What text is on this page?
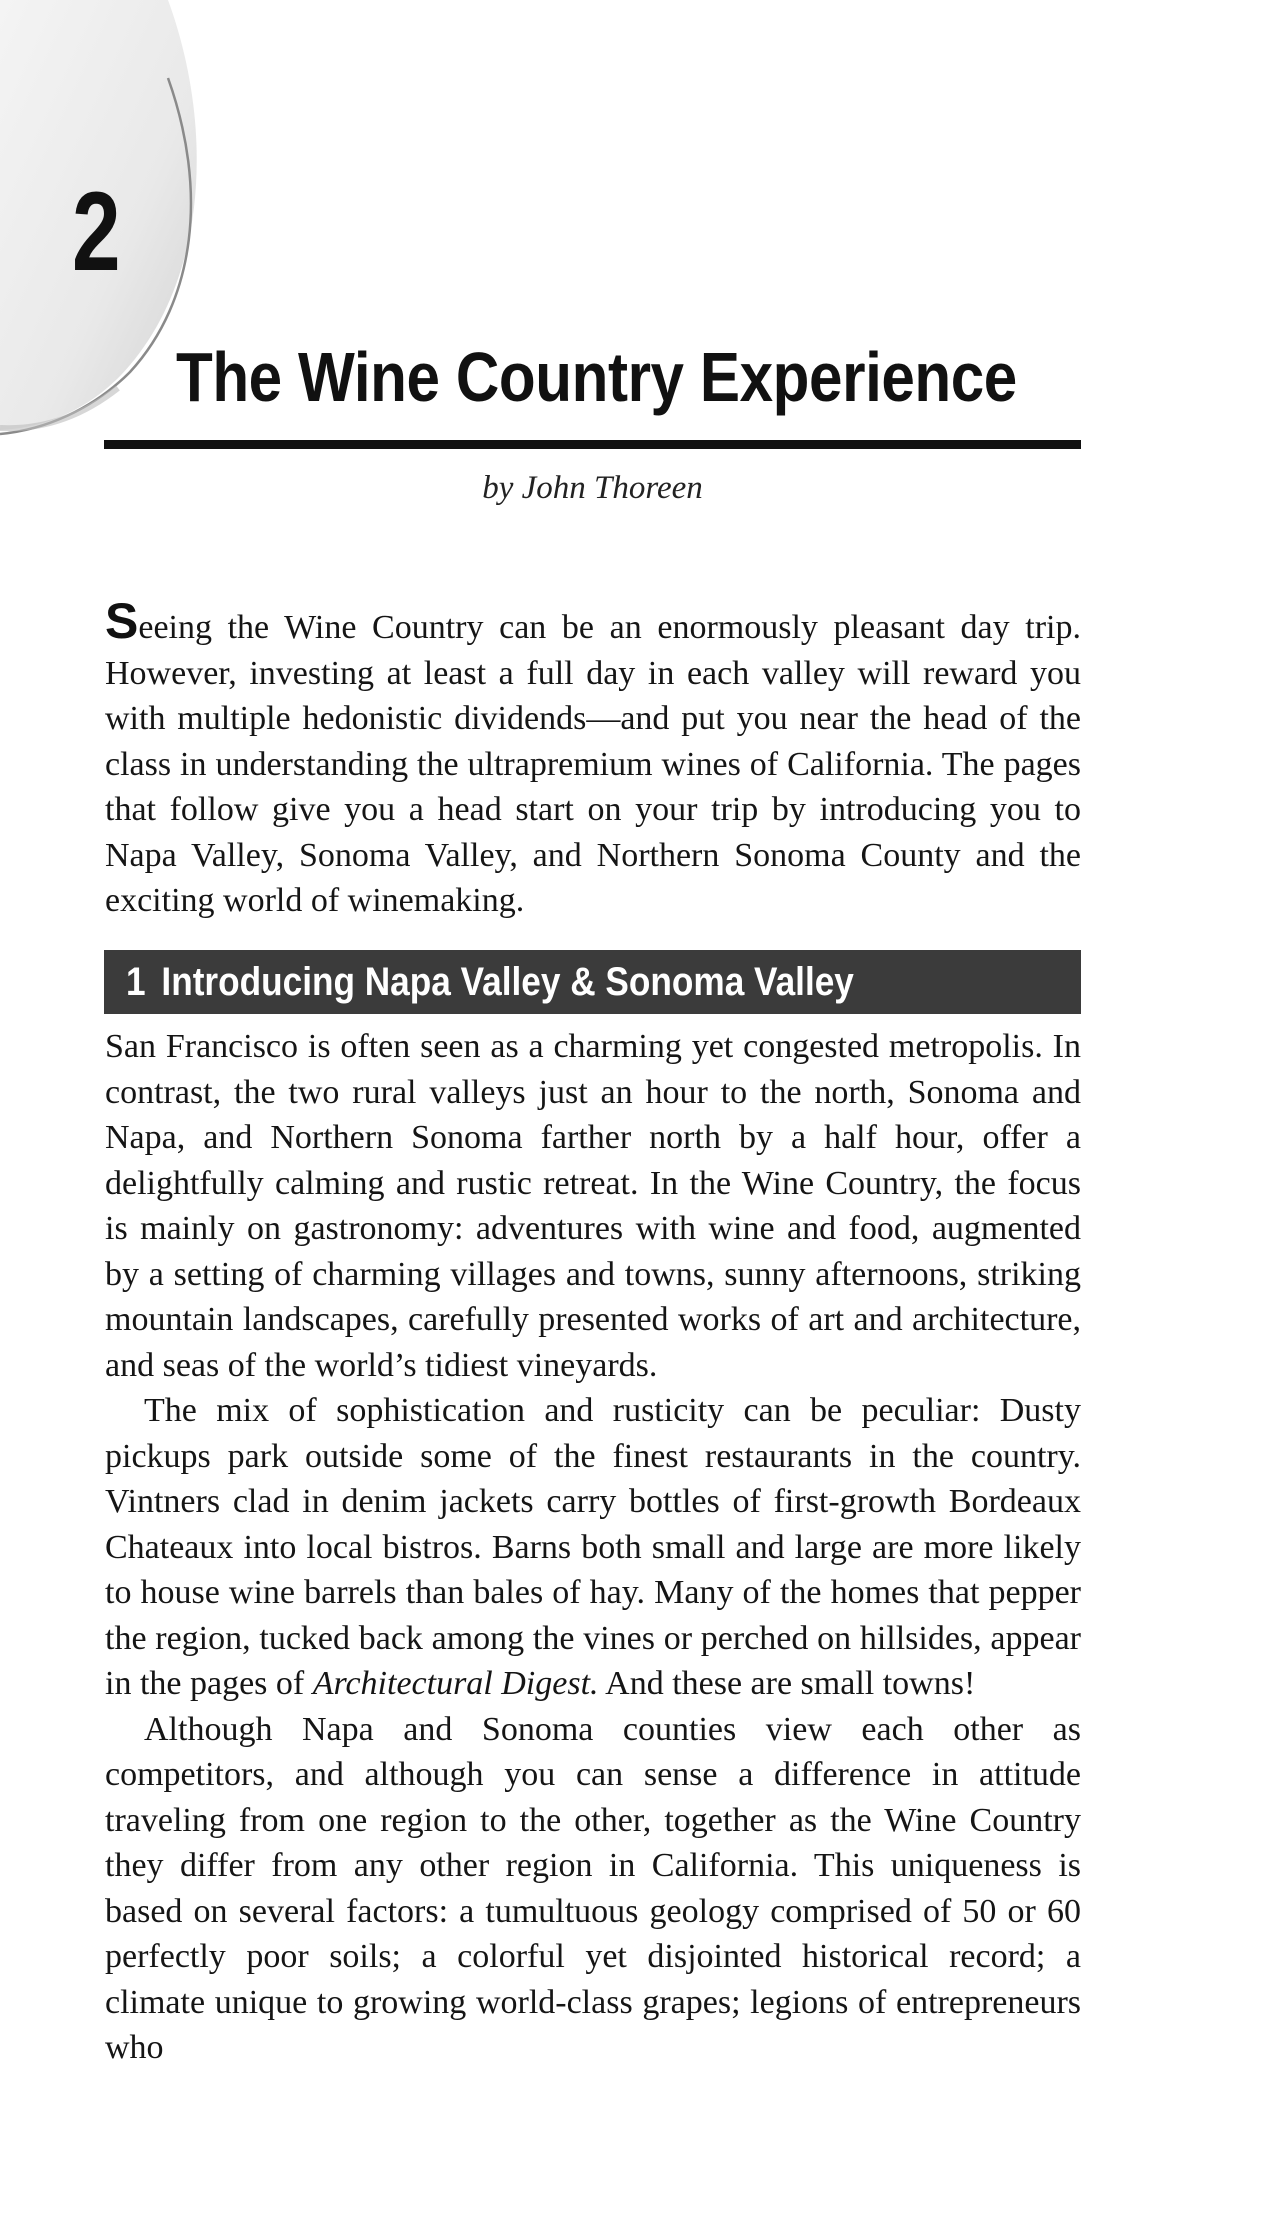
2
The Wine Country Experience
by John Thoreen

Seeing the Wine Country can be an enormously pleasant day trip. However, investing at least a full day in each valley will reward you with multiple hedonistic dividends—and put you near the head of the class in understanding the ultrapremium wines of California. The pages that follow give you a head start on your trip by introducing you to Napa Valley, Sonoma Valley, and Northern Sonoma County and the exciting world of winemaking.

1 Introducing Napa Valley & Sonoma Valley

San Francisco is often seen as a charming yet congested metropolis. In contrast, the two rural valleys just an hour to the north, Sonoma and Napa, and Northern Sonoma farther north by a half hour, offer a delightfully calming and rustic retreat. In the Wine Country, the focus is mainly on gastronomy: adventures with wine and food, augmented by a setting of charming villages and towns, sunny afternoons, striking mountain landscapes, carefully presented works of art and architecture, and seas of the world’s tidiest vineyards.

The mix of sophistication and rusticity can be peculiar: Dusty pickups park outside some of the finest restaurants in the country. Vintners clad in denim jackets carry bottles of first-growth Bordeaux Chateaux into local bistros. Barns both small and large are more likely to house wine barrels than bales of hay. Many of the homes that pepper the region, tucked back among the vines or perched on hillsides, appear in the pages of Architectural Digest. And these are small towns!

Although Napa and Sonoma counties view each other as competitors, and although you can sense a difference in attitude traveling from one region to the other, together as the Wine Country they differ from any other region in California. This uniqueness is based on several factors: a tumultuous geology comprised of 50 or 60 perfectly poor soils; a colorful yet disjointed historical record; a climate unique to growing world-class grapes; legions of entrepreneurs who
